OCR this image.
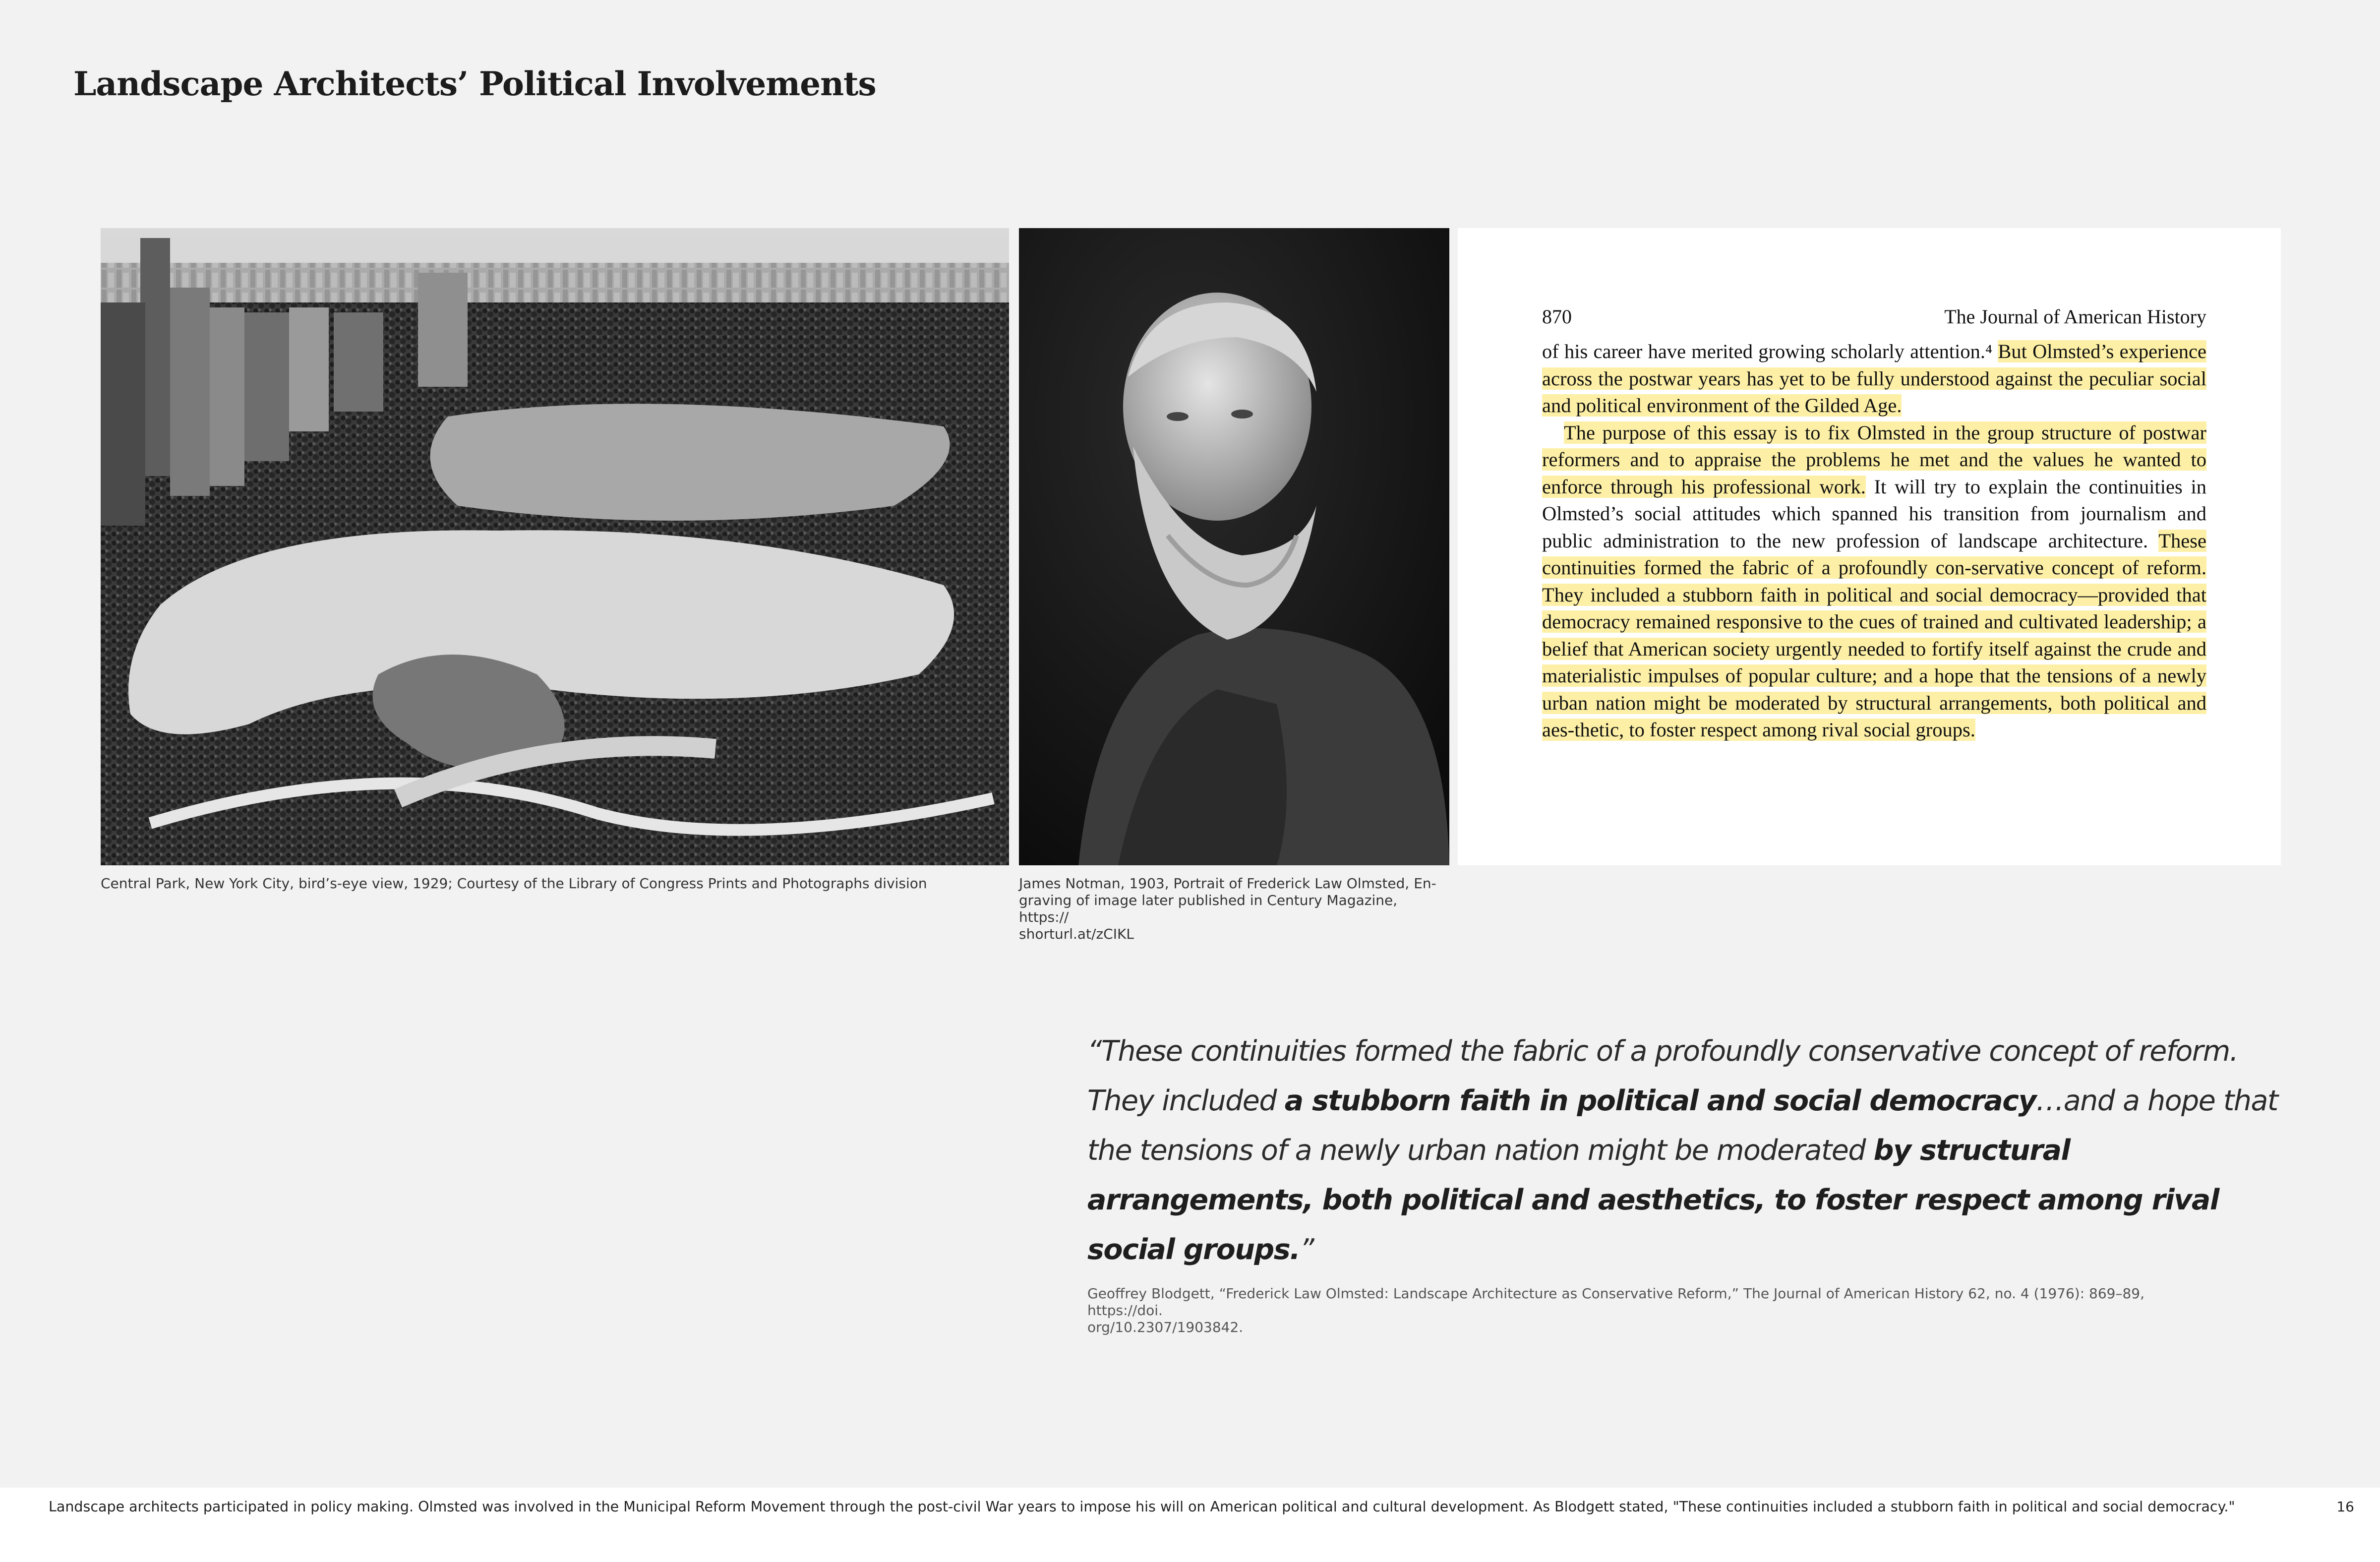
Landscape Architects’ Political Involvements
870	The Journal of American History

of his career have merited growing scholarly attention.⁴ But Olmsted’s experience across the postwar years has yet to be fully understood against the peculiar social and political environment of the Gilded Age.

The purpose of this essay is to fix Olmsted in the group structure of postwar reformers and to appraise the problems he met and the values he wanted to enforce through his professional work. It will try to explain the continuities in Olmsted’s social attitudes which spanned his transition from journalism and public administration to the new profession of landscape architecture. These continuities formed the fabric of a profoundly con-servative concept of reform. They included a stubborn faith in political and social democracy—provided that democracy remained responsive to the cues of trained and cultivated leadership; a belief that American society urgently needed to fortify itself against the crude and materialistic impulses of popular culture; and a hope that the tensions of a newly urban nation might be moderated by structural arrangements, both political and aes-thetic, to foster respect among rival social groups.

Central Park, New York City, bird’s-eye view, 1929; Courtesy of the Library of Congress Prints and Photographs division	James Notman, 1903, Portrait of Frederick Law Olmsted, En-
graving of image later published in Century Magazine, https://
shorturl.at/zCIKL
“These continuities formed the fabric of a profoundly conservative concept of reform. They included a stubborn faith in political and social democracy…and a hope that the tensions of a newly urban nation might be moderated by structural arrangements, both political and aesthetics, to foster respect among rival social groups.”
Geoffrey Blodgett, “Frederick Law Olmsted: Landscape Architecture as Conservative Reform,” The Journal of American History 62, no. 4 (1976): 869–89, https://doi.
org/10.2307/1903842.
Landscape architects participated in policy making. Olmsted was involved in the Municipal Reform Movement through the post-civil War years to impose his will on American political and cultural development. As Blodgett stated, "These continuities included a stubborn faith in political and social democracy."	16
